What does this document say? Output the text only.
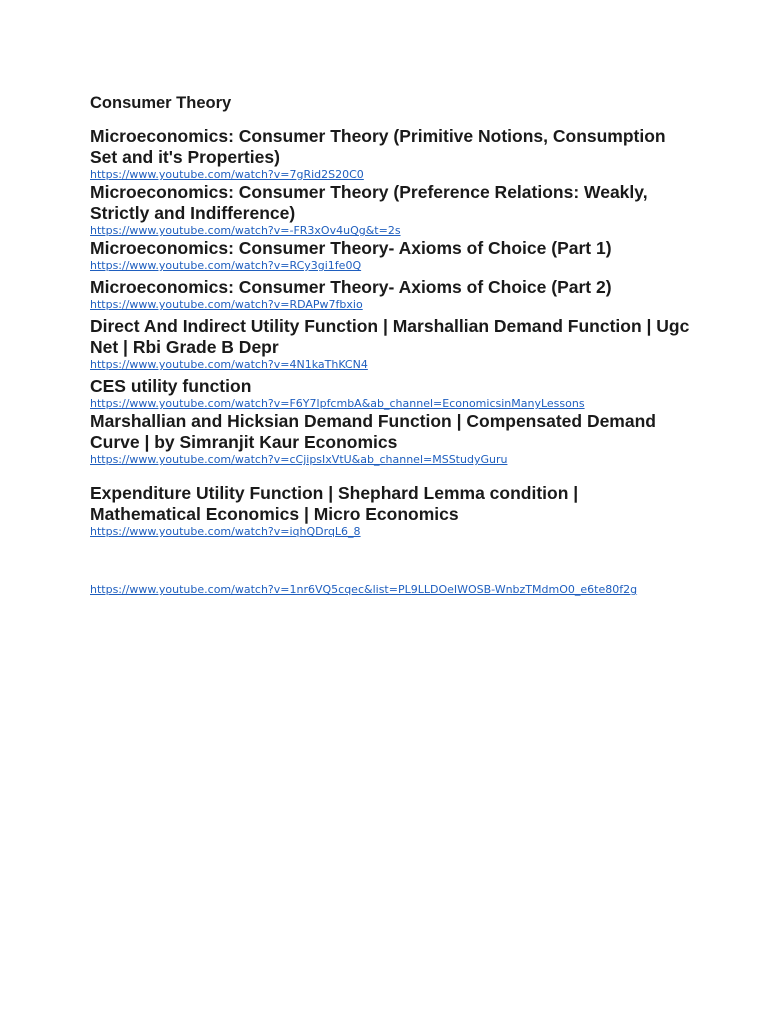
Consumer Theory
Microeconomics: Consumer Theory (Primitive Notions, Consumption Set and it's Properties)
https://www.youtube.com/watch?v=7gRid2S20C0
Microeconomics: Consumer Theory (Preference Relations: Weakly, Strictly and Indifference)
https://www.youtube.com/watch?v=-FR3xOv4uQg&t=2s
Microeconomics: Consumer Theory- Axioms of Choice (Part 1)
https://www.youtube.com/watch?v=RCy3gi1fe0Q
Microeconomics: Consumer Theory- Axioms of Choice (Part 2)
https://www.youtube.com/watch?v=RDAPw7fbxio
Direct And Indirect Utility Function | Marshallian Demand Function | Ugc Net | Rbi Grade B Depr
https://www.youtube.com/watch?v=4N1kaThKCN4
CES utility function
https://www.youtube.com/watch?v=F6Y7lpfcmbA&ab_channel=EconomicsinManyLessons
Marshallian and Hicksian Demand Function | Compensated Demand Curve | by Simranjit Kaur Economics
https://www.youtube.com/watch?v=cCjipsIxVtU&ab_channel=MSStudyGuru
Expenditure Utility Function | Shephard Lemma condition | Mathematical Economics | Micro Economics
https://www.youtube.com/watch?v=iqhQDrqL6_8
https://www.youtube.com/watch?v=1nr6VQ5cqec&list=PL9LLDOeIWOSB-WnbzTMdmO0_e6te80f2g
